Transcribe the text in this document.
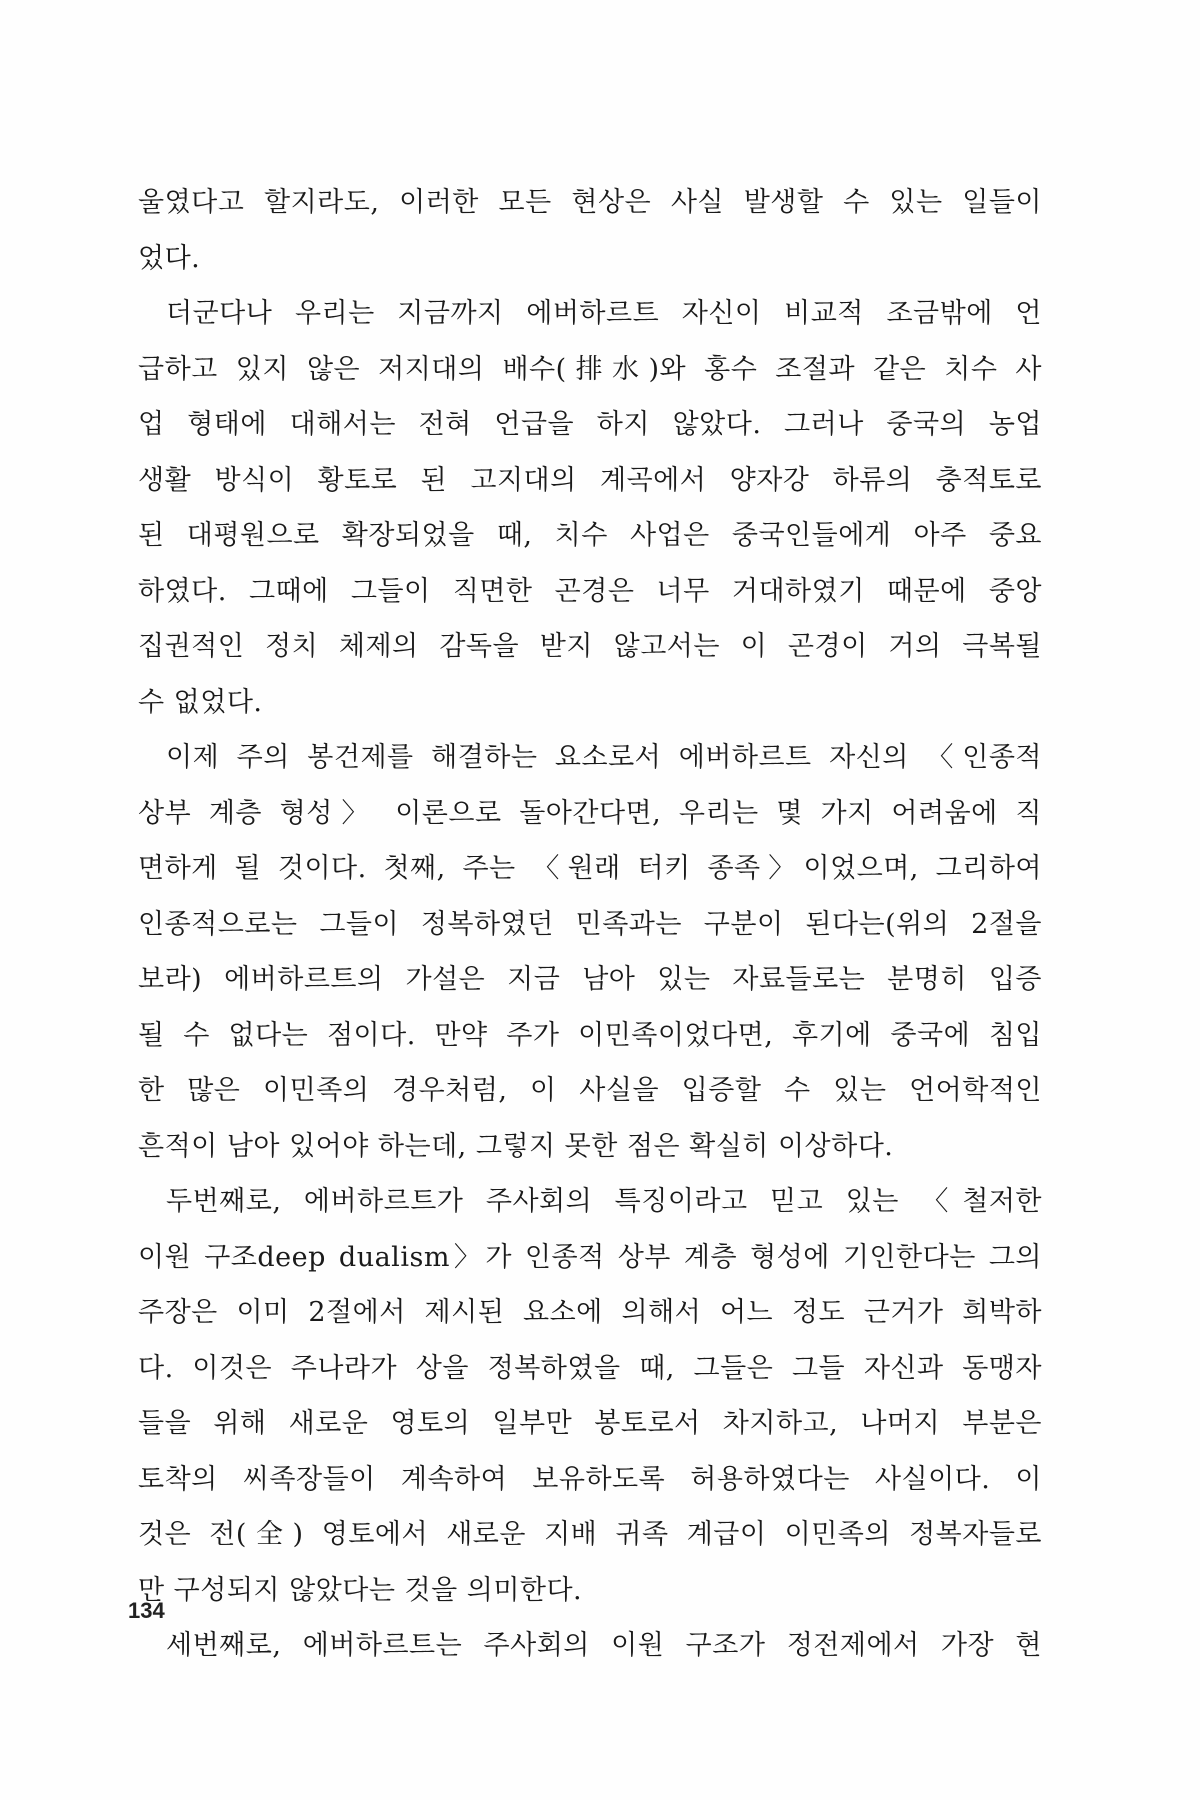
울였다고 할지라도, 이러한 모든 현상은 사실 발생할 수 있는 일들이
었다.
더군다나 우리는 지금까지 에버하르트 자신이 비교적 조금밖에 언
급하고 있지 않은 저지대의 배수(排水)와 홍수 조절과 같은 치수 사
업 형태에 대해서는 전혀 언급을 하지 않았다. 그러나 중국의 농업
생활 방식이 황토로 된 고지대의 계곡에서 양자강 하류의 충적토로
된 대평원으로 확장되었을 때, 치수 사업은 중국인들에게 아주 중요
하였다. 그때에 그들이 직면한 곤경은 너무 거대하였기 때문에 중앙
집권적인 정치 체제의 감독을 받지 않고서는 이 곤경이 거의 극복될
수 없었다.
이제 주의 봉건제를 해결하는 요소로서 에버하르트 자신의 〈인종적
상부 계층 형성〉 이론으로 돌아간다면, 우리는 몇 가지 어려움에 직
면하게 될 것이다. 첫째, 주는 〈원래 터키 종족〉이었으며, 그리하여
인종적으로는 그들이 정복하였던 민족과는 구분이 된다는(위의 2절을
보라) 에버하르트의 가설은 지금 남아 있는 자료들로는 분명히 입증
될 수 없다는 점이다. 만약 주가 이민족이었다면, 후기에 중국에 침입
한 많은 이민족의 경우처럼, 이 사실을 입증할 수 있는 언어학적인
흔적이 남아 있어야 하는데, 그렇지 못한 점은 확실히 이상하다.
두번째로, 에버하르트가 주사회의 특징이라고 믿고 있는 〈철저한
이원 구조deep dualism〉가 인종적 상부 계층 형성에 기인한다는 그의
주장은 이미 2절에서 제시된 요소에 의해서 어느 정도 근거가 희박하
다. 이것은 주나라가 상을 정복하였을 때, 그들은 그들 자신과 동맹자
들을 위해 새로운 영토의 일부만 봉토로서 차지하고, 나머지 부분은
토착의 씨족장들이 계속하여 보유하도록 허용하였다는 사실이다. 이
것은 전(全) 영토에서 새로운 지배 귀족 계급이 이민족의 정복자들로
만 구성되지 않았다는 것을 의미한다.
세번째로, 에버하르트는 주사회의 이원 구조가 정전제에서 가장 현
134
